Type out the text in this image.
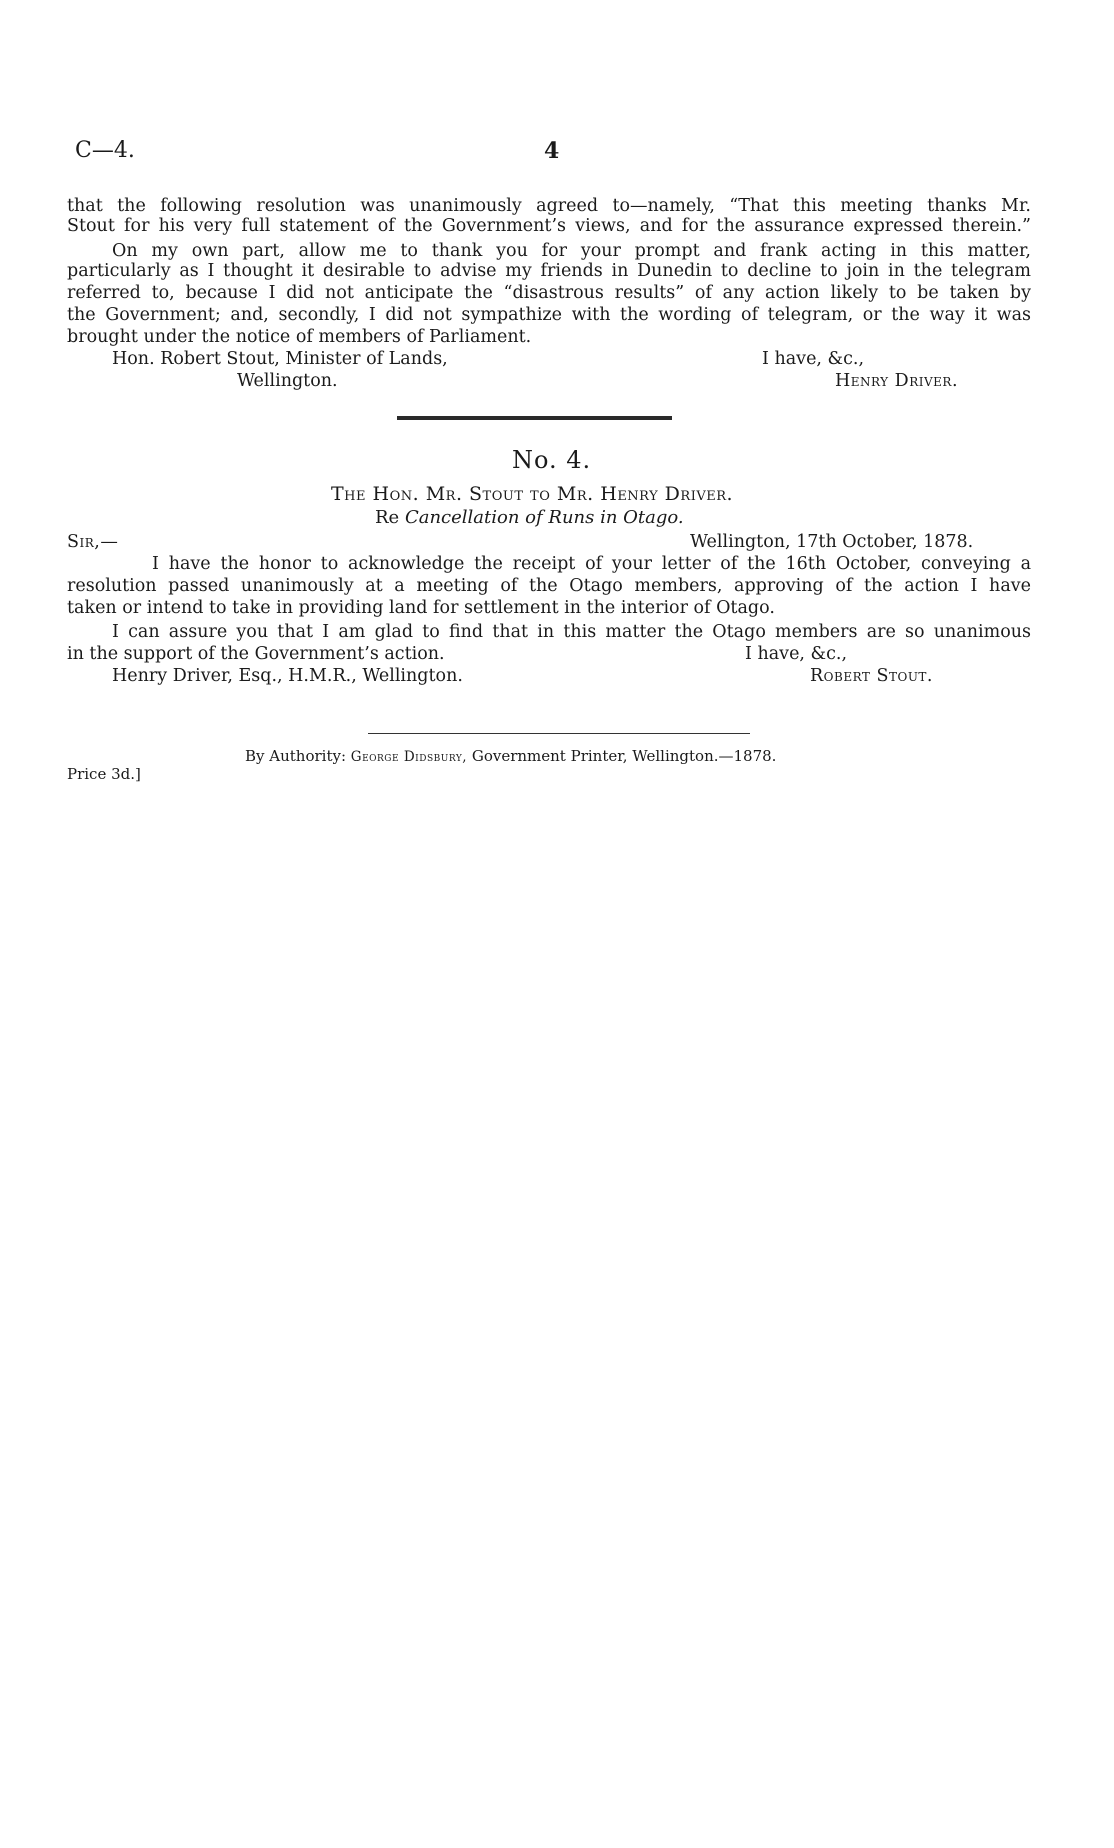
C—4.	4
that the following resolution was unanimously agreed to—namely, “That this meeting thanks Mr.
Stout for his very full statement of the Government’s views, and for the assurance expressed therein.”
On my own part, allow me to thank you for your prompt and frank acting in this matter,
particularly as I thought it desirable to advise my friends in Dunedin to decline to join in the telegram
referred to, because I did not anticipate the “disastrous results” of any action likely to be taken by
the Government; and, secondly, I did not sympathize with the wording of telegram, or the way it was
brought under the notice of members of Parliament.
Hon. Robert Stout, Minister of Lands,	I have, &c.,
Wellington.	Henry Driver.
No. 4.
The Hon. Mr. Stout to Mr. Henry Driver.
Re Cancellation of Runs in Otago.
Sir,—	Wellington, 17th October, 1878.
I have the honor to acknowledge the receipt of your letter of the 16th October, conveying a
resolution passed unanimously at a meeting of the Otago members, approving of the action I have
taken or intend to take in providing land for settlement in the interior of Otago.
I can assure you that I am glad to find that in this matter the Otago members are so unanimous
in the support of the Government’s action.	I have, &c.,
Henry Driver, Esq., H.M.R., Wellington.	Robert Stout.
By Authority: George Didsbury, Government Printer, Wellington.—1878.
Price 3d.]
